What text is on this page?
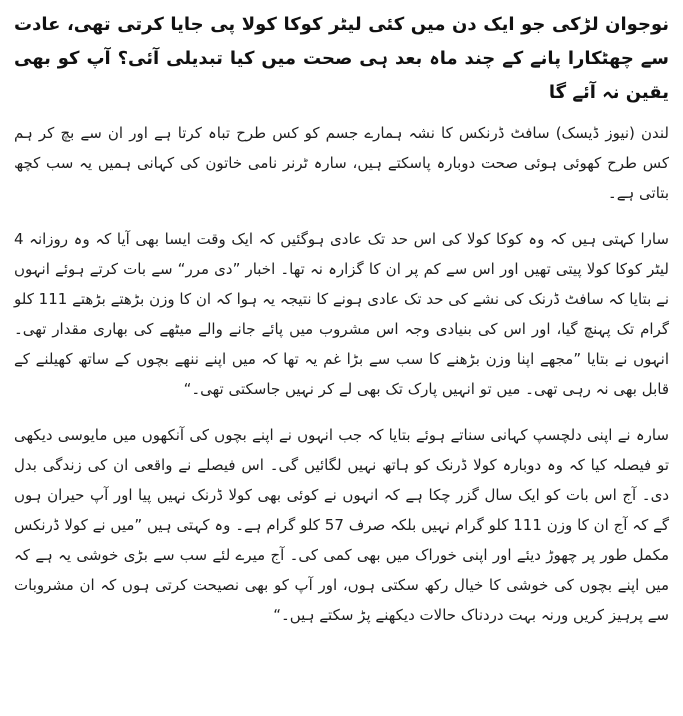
نوجوان لڑکی جو ایک دن میں کئی لیٹر کوکا کولا پی جایا کرتی تھی، عادت سے چھٹکارا پانے کے چند ماہ بعد ہی صحت میں کیا تبدیلی آئی؟ آپ کو بھی یقین نہ آئے گا

لندن (نیوز ڈیسک) سافٹ ڈرنکس کا نشہ ہمارے جسم کو کس طرح تباہ کرتا ہے اور ان سے بچ کر ہم کس طرح کھوئی ہوئی صحت دوبارہ پاسکتے ہیں، سارہ ٹرنر نامی خاتون کی کہانی ہمیں یہ سب کچھ بتاتی ہے۔

سارا کہتی ہیں کہ وہ کوکا کولا کی اس حد تک عادی ہوگئیں کہ ایک وقت ایسا بھی آیا کہ وہ روزانہ 4 لیٹر کوکا کولا پیتی تھیں اور اس سے کم پر ان کا گزارہ نہ تھا۔ اخبار ”دی مرر“ سے بات کرتے ہوئے انہوں نے بتایا کہ سافٹ ڈرنک کی نشے کی حد تک عادی ہونے کا نتیجہ یہ ہوا کہ ان کا وزن بڑھتے بڑھتے 111 کلو گرام تک پہنچ گیا، اور اس کی بنیادی وجہ اس مشروب میں پائے جانے والے میٹھے کی بھاری مقدار تھی۔ انہوں نے بتایا ”مجھے اپنا وزن بڑھنے کا سب سے بڑا غم یہ تھا کہ میں اپنے ننھے بچوں کے ساتھ کھیلنے کے قابل بھی نہ رہی تھی۔ میں تو انہیں پارک تک بھی لے کر نہیں جاسکتی تھی۔“

سارہ نے اپنی دلچسپ کہانی سناتے ہوئے بتایا کہ جب انہوں نے اپنے بچوں کی آنکھوں میں مایوسی دیکھی تو فیصلہ کیا کہ وہ دوبارہ کولا ڈرنک کو ہاتھ نہیں لگائیں گی۔ اس فیصلے نے واقعی ان کی زندگی بدل دی۔ آج اس بات کو ایک سال گزر چکا ہے کہ انہوں نے کوئی بھی کولا ڈرنک نہیں پیا اور آپ حیران ہوں گے کہ آج ان کا وزن 111 کلو گرام نہیں بلکہ صرف 57 کلو گرام ہے۔ وہ کہتی ہیں ”میں نے کولا ڈرنکس مکمل طور پر چھوڑ دیئے اور اپنی خوراک میں بھی کمی کی۔ آج میرے لئے سب سے بڑی خوشی یہ ہے کہ میں اپنے بچوں کی خوشی کا خیال رکھ سکتی ہوں، اور آپ کو بھی نصیحت کرتی ہوں کہ ان مشروبات سے پرہیز کریں ورنہ بہت دردناک حالات دیکھنے پڑ سکتے ہیں۔“
